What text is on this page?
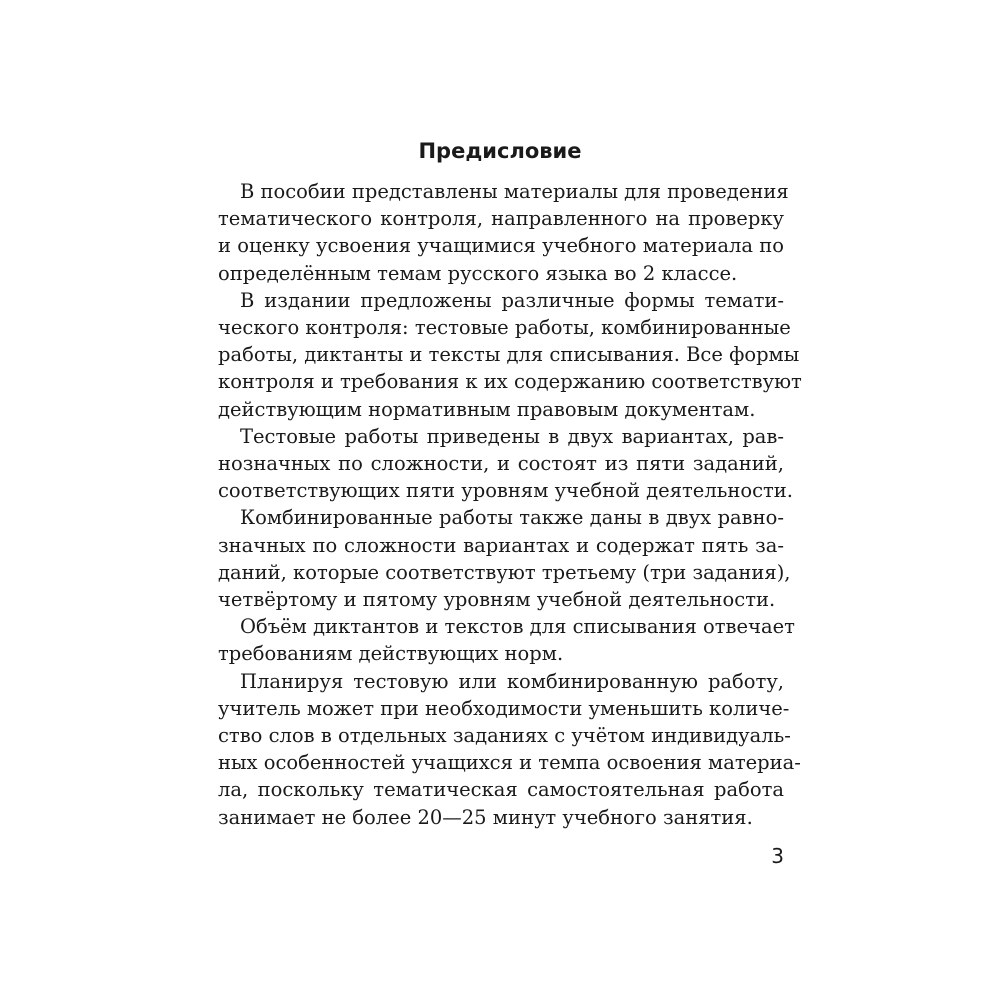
Предисловие
В пособии представлены материалы для проведения
тематического контроля, направленного на проверку
и оценку усвоения учащимися учебного материала по
определённым темам русского языка во 2 классе.
В издании предложены различные формы темати-
ческого контроля: тестовые работы, комбинированные
работы, диктанты и тексты для списывания. Все формы
контроля и требования к их содержанию соответствуют
действующим нормативным правовым документам.
Тестовые работы приведены в двух вариантах, рав-
нозначных по сложности, и состоят из пяти заданий,
соответствующих пяти уровням учебной деятельности.
Комбинированные работы также даны в двух равно-
значных по сложности вариантах и содержат пять за-
даний, которые соответствуют третьему (три задания),
четвёртому и пятому уровням учебной деятельности.
Объём диктантов и текстов для списывания отвечает
требованиям действующих норм.
Планируя тестовую или комбинированную работу,
учитель может при необходимости уменьшить количе-
ство слов в отдельных заданиях с учётом индивидуаль-
ных особенностей учащихся и темпа освоения материа-
ла, поскольку тематическая самостоятельная работа
занимает не более 20—25 минут учебного занятия.
3
